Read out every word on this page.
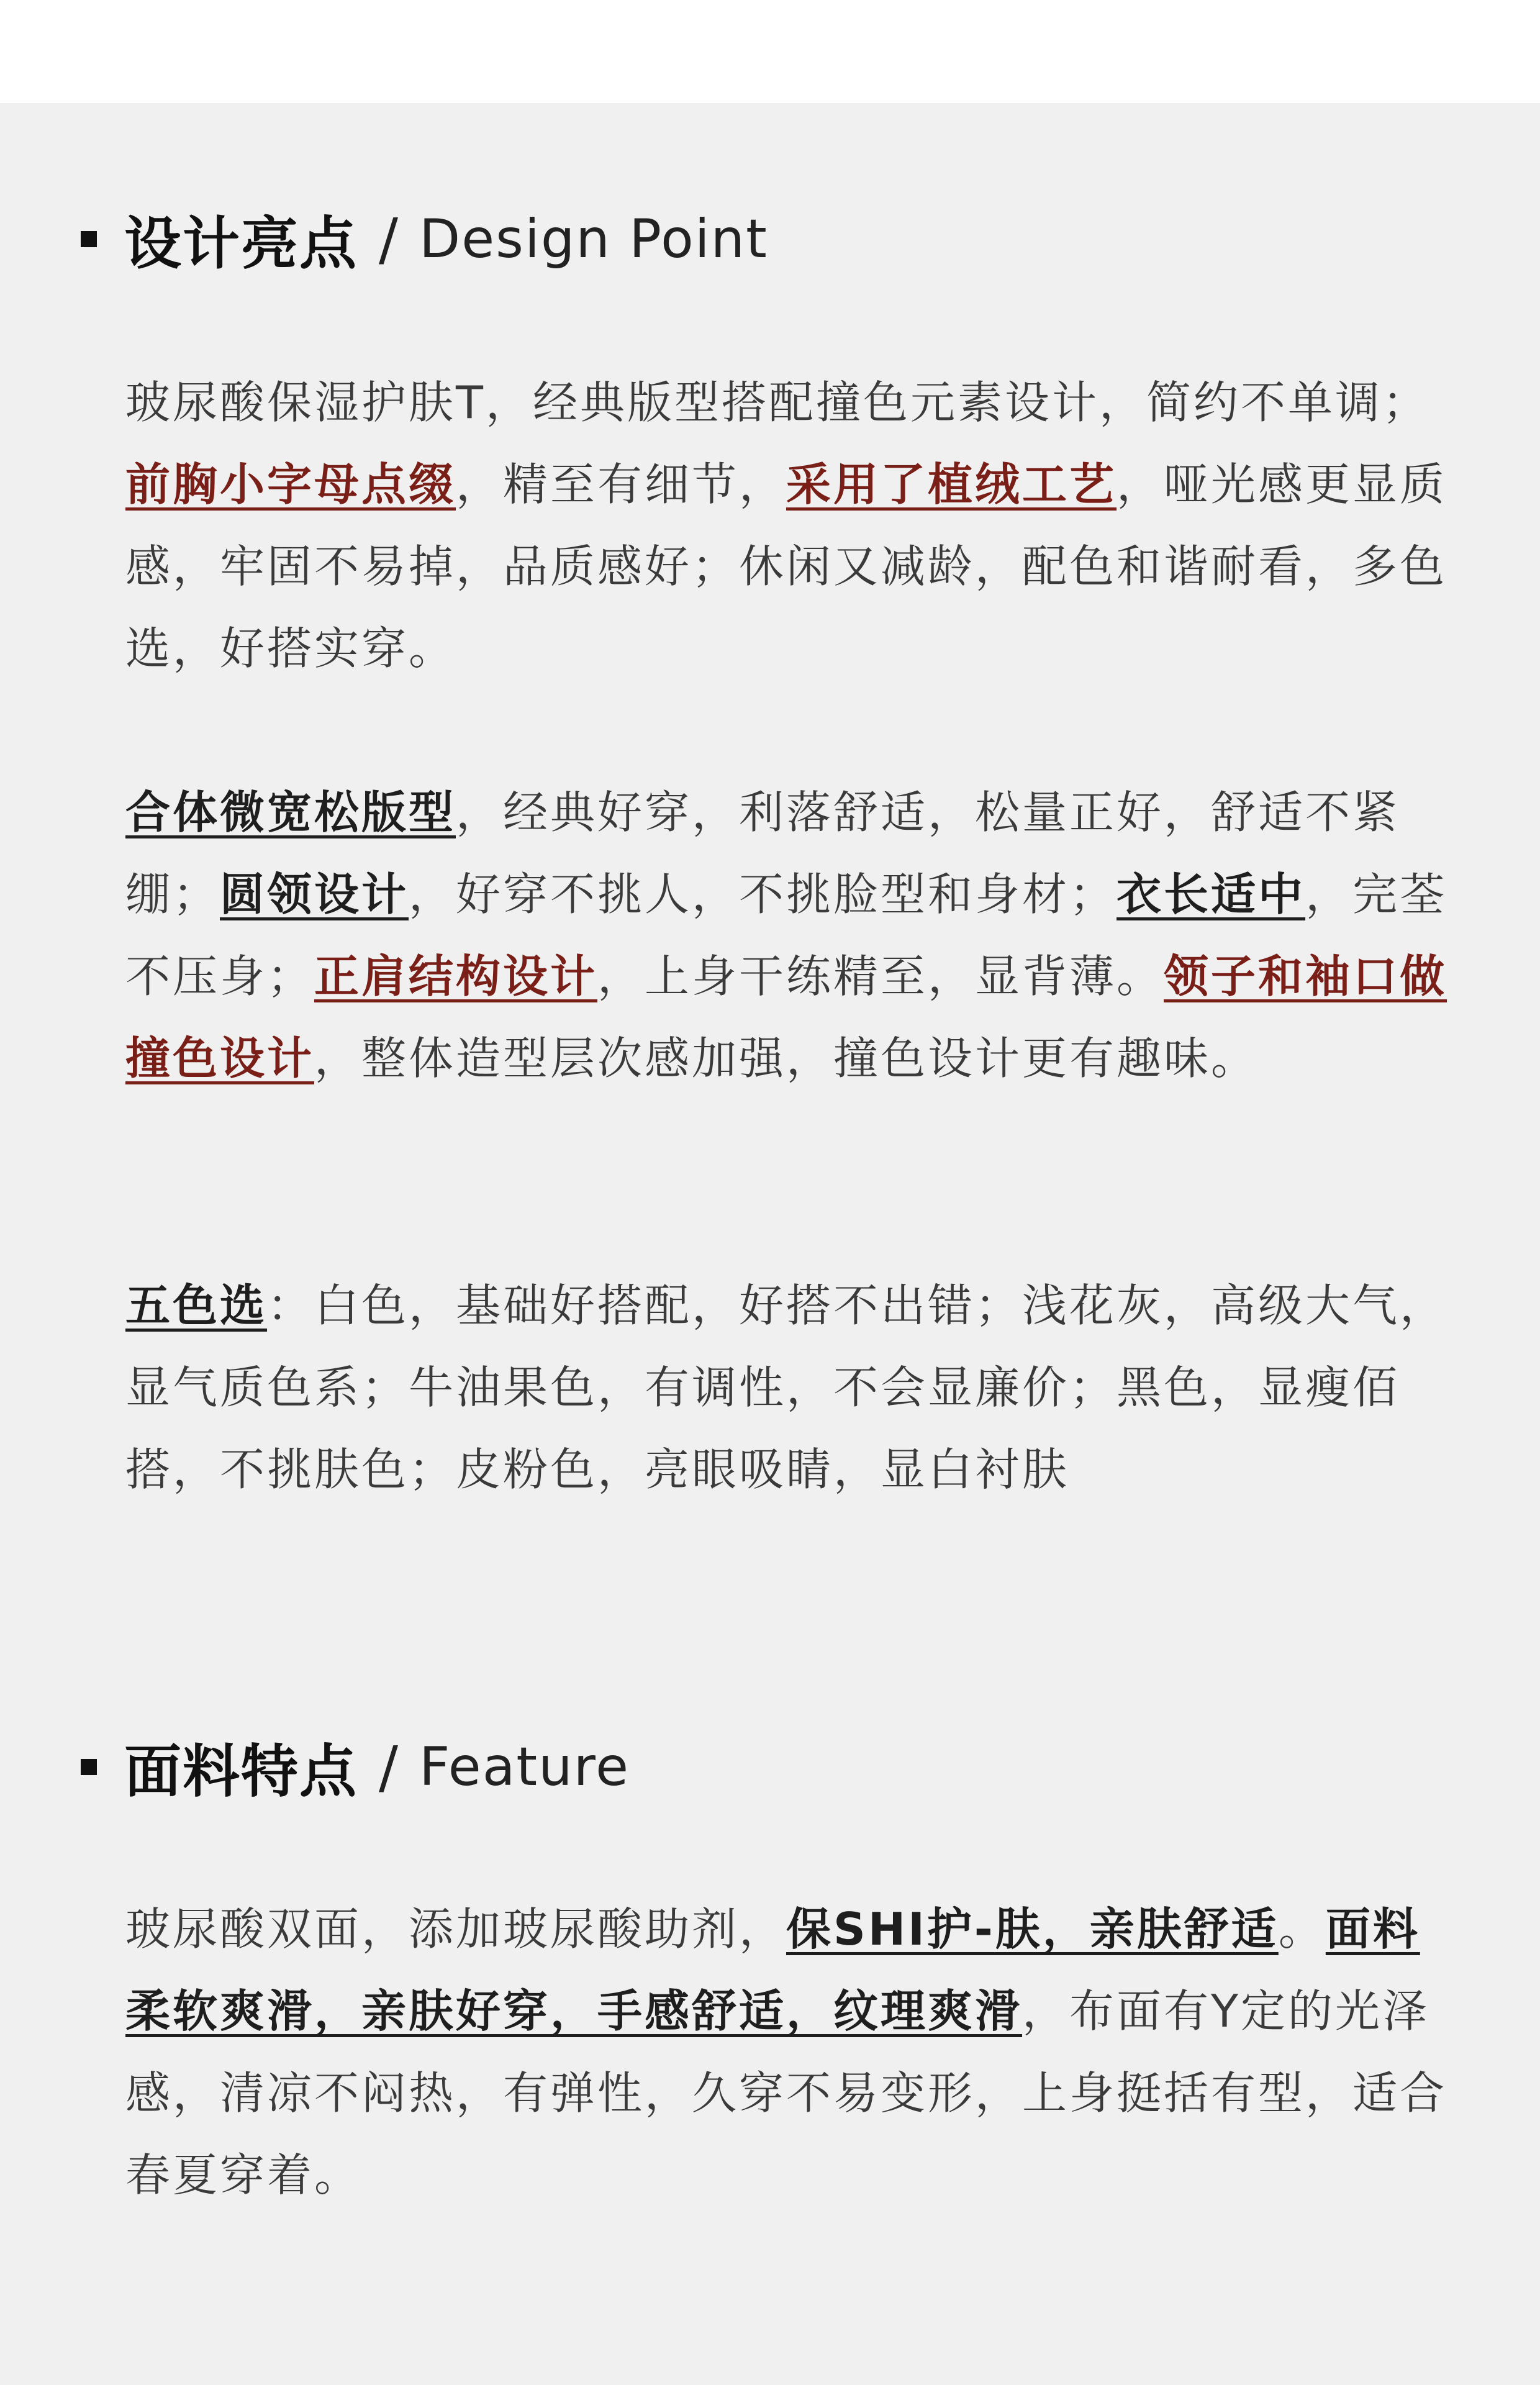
设计亮点 / Design Point
玻尿酸保湿护肤T，经典版型搭配撞色元素设计，简约不单调；前胸小字母点缀，精至有细节，采用了植绒工艺，哑光感更显质感，牢固不易掉，品质感好；休闲又减龄，配色和谐耐看，多色选，好搭实穿。
合体微宽松版型，经典好穿，利落舒适，松量正好，舒适不紧绷；圆领设计，好穿不挑人，不挑脸型和身材；衣长适中，完荃不压身；正肩结构设计，上身干练精至，显背薄。领子和袖口做撞色设计，整体造型层次感加强，撞色设计更有趣味。
五色选：白色，基础好搭配，好搭不出错；浅花灰，高级大气，显气质色系；牛油果色，有调性，不会显廉价；黑色，显瘦佰搭，不挑肤色；皮粉色，亮眼吸睛，显白衬肤
面料特点 / Feature
玻尿酸双面，添加玻尿酸助剂，保SHI护-肤，亲肤舒适。面料柔软爽滑，亲肤好穿，手感舒适，纹理爽滑，布面有Y定的光泽感，清凉不闷热，有弹性，久穿不易变形，上身挺括有型，适合春夏穿着。
